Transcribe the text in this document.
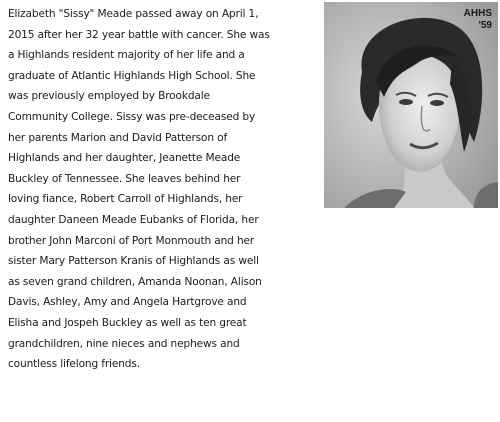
Elizabeth "Sissy" Meade passed away on April 1,
2015 after her 32 year battle with cancer. She was
a Highlands resident majority of her life and a
graduate of Atlantic Highlands High School. She
was previously employed by Brookdale
Community College. Sissy was pre-deceased by
her parents Marion and David Patterson of
Highlands and her daughter, Jeanette Meade
Buckley of Tennessee. She leaves behind her
loving fiance, Robert Carroll of Highlands, her
daughter Daneen Meade Eubanks of Florida, her
brother John Marconi of Port Monmouth and her
sister Mary Patterson Kranis of Highlands as well
as seven grand children, Amanda Noonan, Alison
Davis, Ashley, Amy and Angela Hartgrove and
Elisha and Jospeh Buckley as well as ten great
grandchildren, nine nieces and nephews and
countless lifelong friends.
AHHS
'59
